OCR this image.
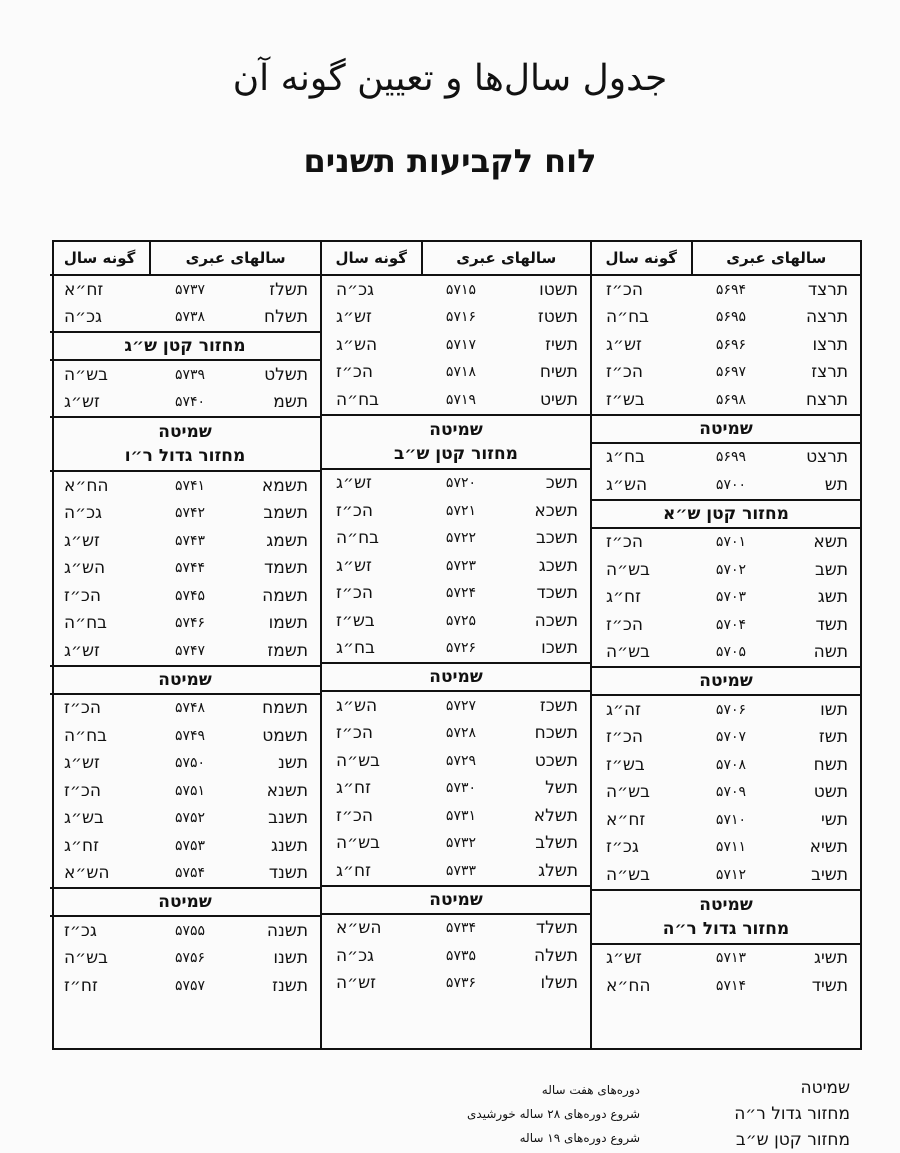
جدول سال‌ها و تعیین گونه آن
לוח לקביעות תשנים
سالهای عبری
گونه سال
תרצד
۵۶۹۴
הכ״ז
תרצה
۵۶۹۵
בח״ה
תרצו
۵۶۹۶
זש״ג
תרצז
۵۶۹۷
הכ״ז
תרצח
۵۶۹۸
בש״ז
שמיטה
תרצט
۵۶۹۹
בח״ג
תש
۵۷۰۰
הש״ג
מחזור קטן ש״א
תשא
۵۷۰۱
הכ״ז
תשב
۵۷۰۲
בש״ה
תשג
۵۷۰۳
זח״ג
תשד
۵۷۰۴
הכ״ז
תשה
۵۷۰۵
בש״ה
שמיטה
תשו
۵۷۰۶
זה״ג
תשז
۵۷۰۷
הכ״ז
תשח
۵۷۰۸
בש״ז
תשט
۵۷۰۹
בש״ה
תשי
۵۷۱۰
זח״א
תשיא
۵۷۱۱
גכ״ז
תשיב
۵۷۱۲
בש״ה
שמיטה
מחזור גדול ר״ה
תשיג
۵۷۱۳
זש״ג
תשיד
۵۷۱۴
הח״א
سالهای عبری
گونه سال
תשטו
۵۷۱۵
גכ״ה
תשטז
۵۷۱۶
זש״ג
תשיז
۵۷۱۷
הש״ג
תשיח
۵۷۱۸
הכ״ז
תשיט
۵۷۱۹
בח״ה
שמיטה
מחזור קטן ש״ב
תשכ
۵۷۲۰
זש״ג
תשכא
۵۷۲۱
הכ״ז
תשכב
۵۷۲۲
בח״ה
תשכג
۵۷۲۳
זש״ג
תשכד
۵۷۲۴
הכ״ז
תשכה
۵۷۲۵
בש״ז
תשכו
۵۷۲۶
בח״ג
שמיטה
תשכז
۵۷۲۷
הש״ג
תשכח
۵۷۲۸
הכ״ז
תשכט
۵۷۲۹
בש״ה
תשל
۵۷۳۰
זח״ג
תשלא
۵۷۳۱
הכ״ז
תשלב
۵۷۳۲
בש״ה
תשלג
۵۷۳۳
זח״ג
שמיטה
תשלד
۵۷۳۴
הש״א
תשלה
۵۷۳۵
גכ״ה
תשלו
۵۷۳۶
זש״ה
سالهای عبری
گونه سال
תשלז
۵۷۳۷
זח״א
תשלח
۵۷۳۸
גכ״ה
מחזור קטן ש״ג
תשלט
۵۷۳۹
בש״ה
תשמ
۵۷۴۰
זש״ג
שמיטה
מחזור גדול ר״ו
תשמא
۵۷۴۱
הח״א
תשמב
۵۷۴۲
גכ״ה
תשמג
۵۷۴۳
זש״ג
תשמד
۵۷۴۴
הש״ג
תשמה
۵۷۴۵
הכ״ז
תשמו
۵۷۴۶
בח״ה
תשמז
۵۷۴۷
זש״ג
שמיטה
תשמח
۵۷۴۸
הכ״ז
תשמט
۵۷۴۹
בח״ה
תשנ
۵۷۵۰
זש״ג
תשנא
۵۷۵۱
הכ״ז
תשנב
۵۷۵۲
בש״ג
תשנג
۵۷۵۳
זח״ג
תשנד
۵۷۵۴
הש״א
שמיטה
תשנה
۵۷۵۵
גכ״ז
תשנו
۵۷۵۶
בש״ה
תשנז
۵۷۵۷
זח״ז
שמיטה
מחזור גדול ר״ה
מחזור קטן ש״ב
دوره‌های هفت ساله
شروع دوره‌های ۲۸ ساله خورشیدی
شروع دوره‌های ۱۹ ساله
